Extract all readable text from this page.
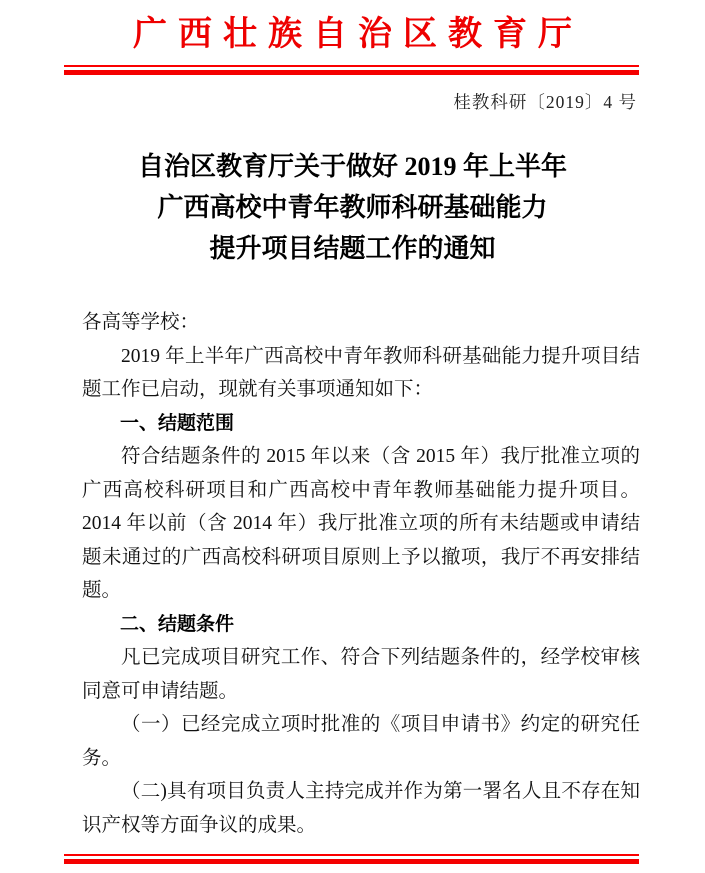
广西壮族自治区教育厅
桂教科研〔2019〕4 号
自治区教育厅关于做好 2019 年上半年
广西高校中青年教师科研基础能力
提升项目结题工作的通知

各高等学校：

2019 年上半年广西高校中青年教师科研基础能力提升项目结题工作已启动，现就有关事项通知如下：

一、结题范围

符合结题条件的 2015 年以来（含 2015 年）我厅批准立项的广西高校科研项目和广西高校中青年教师基础能力提升项目。2014 年以前（含 2014 年）我厅批准立项的所有未结题或申请结题未通过的广西高校科研项目原则上予以撤项，我厅不再安排结题。

二、结题条件

凡已完成项目研究工作、符合下列结题条件的，经学校审核同意可申请结题。

（一）已经完成立项时批准的《项目申请书》约定的研究任务。

（二)具有项目负责人主持完成并作为第一署名人且不存在知识产权等方面争议的成果。
